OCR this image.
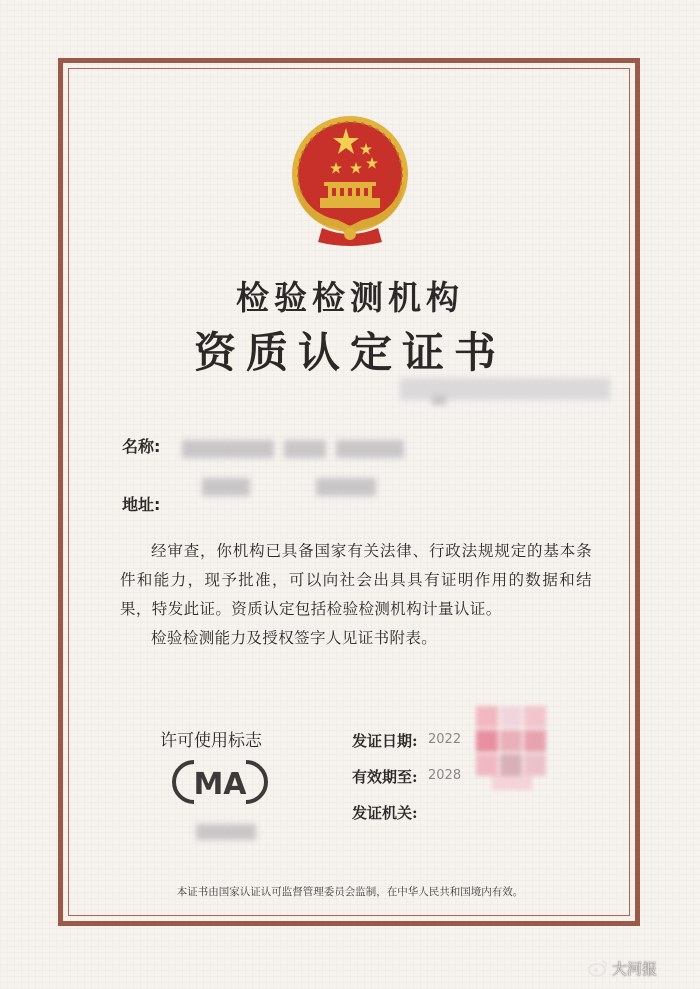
检验检测机构
资质认定证书
名称:
地址:

经审查，你机构已具备国家有关法律、行政法规规定的基本条件和能力，现予批准，可以向社会出具具有证明作用的数据和结果，特发此证。资质认定包括检验检测机构计量认证。

检验检测能力及授权签字人见证书附表。

许可使用标志
MA
发证日期: 2022
有效期至: 2028
发证机关:
本证书由国家认证认可监督管理委员会监制，在中华人民共和国境内有效。
大河报
